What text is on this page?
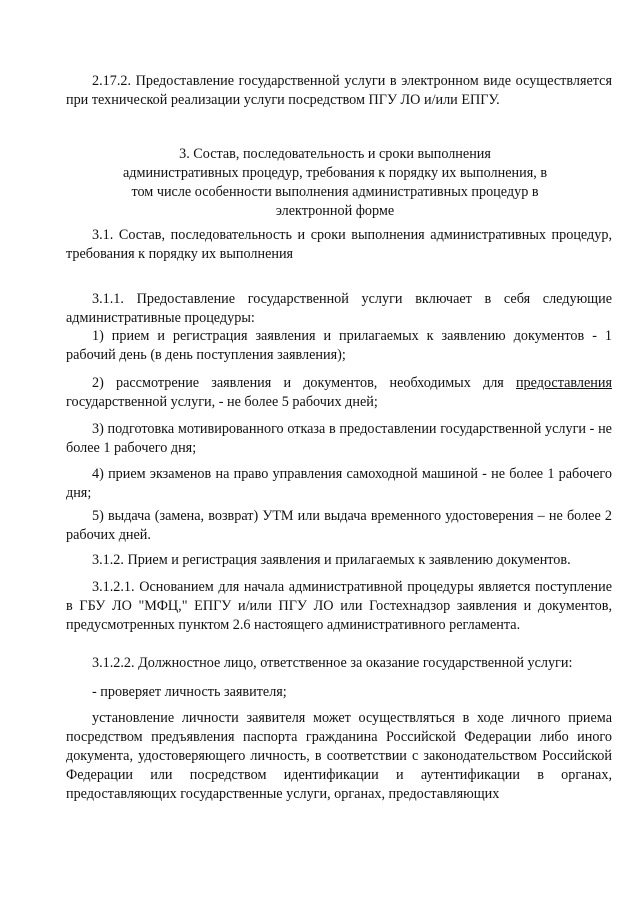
2.17.2. Предоставление государственной услуги в электронном виде осуществляется при технической реализации услуги посредством ПГУ ЛО и/или ЕПГУ.

3. Состав, последовательность и сроки выполнения административных процедур, требования к порядку их выполнения, в том числе особенности выполнения административных процедур в электронной форме

3.1. Состав, последовательность и сроки выполнения административных процедур, требования к порядку их выполнения

3.1.1. Предоставление государственной услуги включает в себя следующие административные процедуры:

1) прием и регистрация заявления и прилагаемых к заявлению документов - 1 рабочий день (в день поступления заявления);

2) рассмотрение заявления и документов, необходимых для предоставления государственной услуги, - не более 5 рабочих дней;

3) подготовка мотивированного отказа в предоставлении государственной услуги - не более 1 рабочего дня;

4) прием экзаменов на право управления самоходной машиной - не более 1 рабочего дня;

5) выдача (замена, возврат) УТМ или выдача временного удостоверения – не более 2 рабочих дней.

3.1.2. Прием и регистрация заявления и прилагаемых к заявлению документов.

3.1.2.1. Основанием для начала административной процедуры является поступление в ГБУ ЛО "МФЦ," ЕПГУ и/или ПГУ ЛО или Гостехнадзор заявления и документов, предусмотренных пунктом 2.6 настоящего административного регламента.

3.1.2.2. Должностное лицо, ответственное за оказание государственной услуги:

- проверяет личность заявителя;

установление личности заявителя может осуществляться в ходе личного приема посредством предъявления паспорта гражданина Российской Федерации либо иного документа, удостоверяющего личность, в соответствии с законодательством Российской Федерации или посредством идентификации и аутентификации в органах, предоставляющих государственные услуги, органах, предоставляющих
